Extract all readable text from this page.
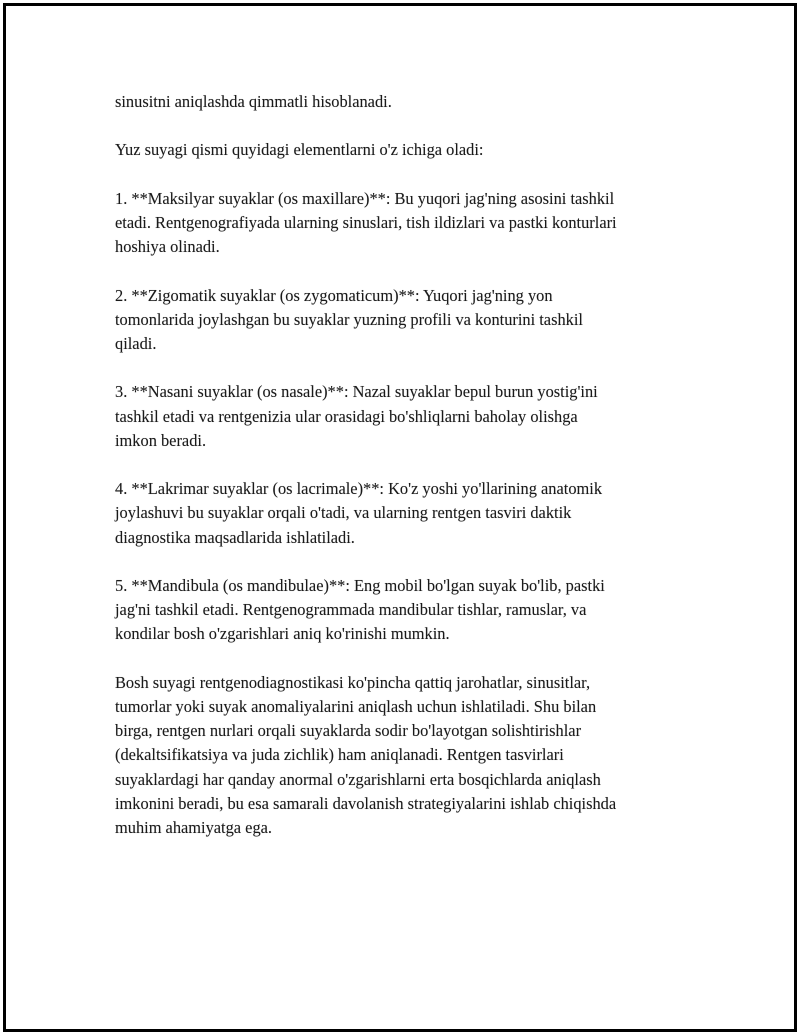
sinusitni aniqlashda qimmatli hisoblanadi.

Yuz suyagi qismi quyidagi elementlarni o'z ichiga oladi:

1. **Maksilyar suyaklar (os maxillare)**: Bu yuqori jag'ning asosini tashkil
etadi. Rentgenografiyada ularning sinuslari, tish ildizlari va pastki konturlari
hoshiya olinadi.

2. **Zigomatik suyaklar (os zygomaticum)**: Yuqori jag'ning yon
tomonlarida joylashgan bu suyaklar yuzning profili va konturini tashkil
qiladi.

3. **Nasani suyaklar (os nasale)**: Nazal suyaklar bepul burun yostig'ini
tashkil etadi va rentgenizia ular orasidagi bo'shliqlarni baholay olishga
imkon beradi.

4. **Lakrimar suyaklar (os lacrimale)**: Ko'z yoshi yo'llarining anatomik
joylashuvi bu suyaklar orqali o'tadi, va ularning rentgen tasviri daktik
diagnostika maqsadlarida ishlatiladi.

5. **Mandibula (os mandibulae)**: Eng mobil bo'lgan suyak bo'lib, pastki
jag'ni tashkil etadi. Rentgenogrammada mandibular tishlar, ramuslar, va
kondilar bosh o'zgarishlari aniq ko'rinishi mumkin.

Bosh suyagi rentgenodiagnostikasi ko'pincha qattiq jarohatlar, sinusitlar,
tumorlar yoki suyak anomaliyalarini aniqlash uchun ishlatiladi. Shu bilan
birga, rentgen nurlari orqali suyaklarda sodir bo'layotgan solishtirishlar
(dekaltsifikatsiya va juda zichlik) ham aniqlanadi. Rentgen tasvirlari
suyaklardagi har qanday anormal o'zgarishlarni erta bosqichlarda aniqlash
imkonini beradi, bu esa samarali davolanish strategiyalarini ishlab chiqishda
muhim ahamiyatga ega.
